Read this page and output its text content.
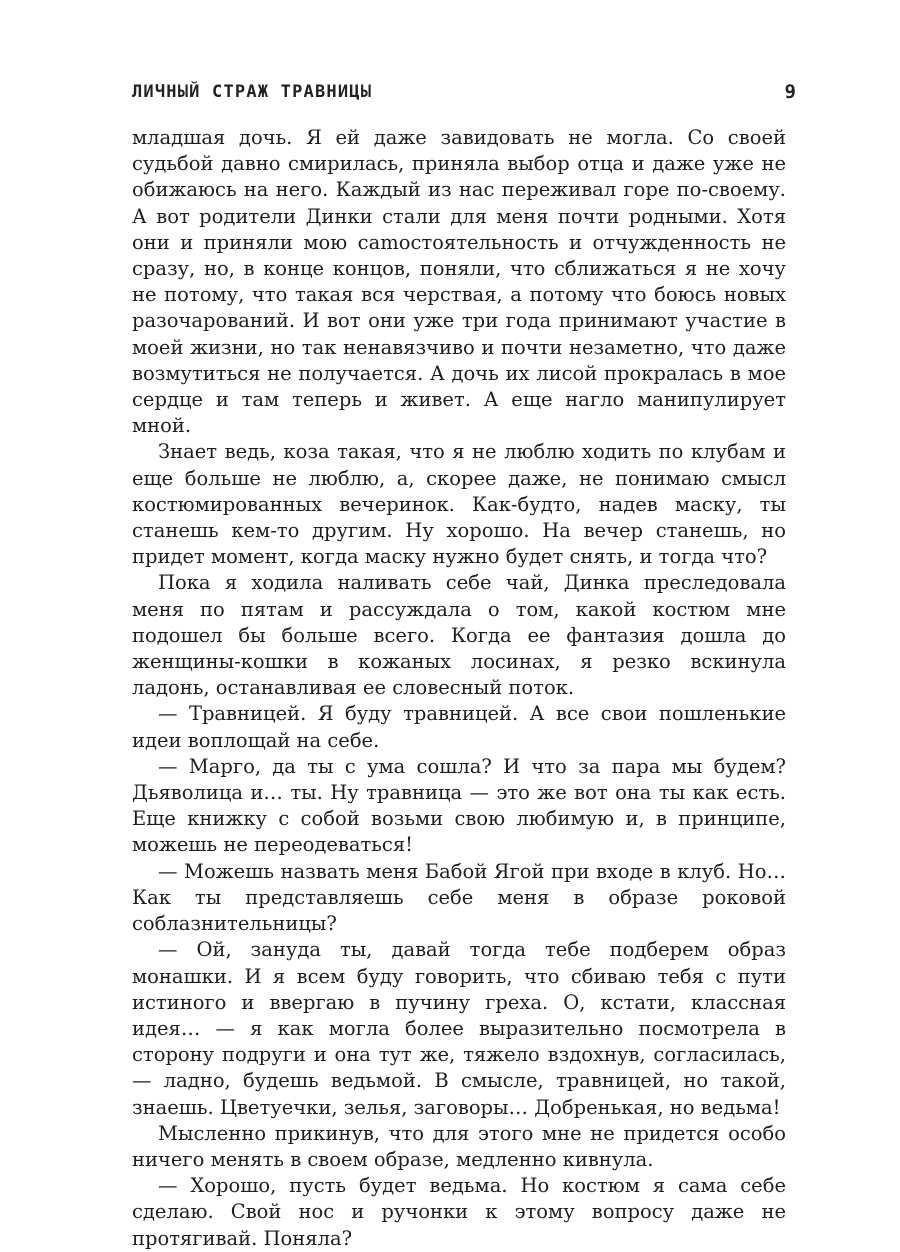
ЛИЧНЫЙ СТРАЖ ТРАВНИЦЫ	9

младшая дочь. Я ей даже завидовать не могла. Со своей судьбой давно смирилась, приняла выбор отца и даже уже не обижаюсь на него. Каждый из нас переживал горе по-своему. А вот родители Динки стали для меня почти родными. Хотя они и приняли мою саmостоятельность и отчужденность не сразу, но, в конце концов, поняли, что сближаться я не хочу не потому, что такая вся черствая, а потому что боюсь новых разочарований. И вот они уже три года принимают участие в моей жизни, но так ненавязчиво и почти незаметно, что даже возмутиться не получается. А дочь их лисой прокралась в мое сердце и там теперь и живет. А еще нагло манипулирует мной.

Знает ведь, коза такая, что я не люблю ходить по клубам и еще больше не люблю, а, скорее даже, не понимаю смысл костюмированных вечеринок. Как-будто, надев маску, ты станешь кем-то другим. Ну хорошо. На вечер станешь, но придет момент, когда маску нужно будет снять, и тогда что?

Пока я ходила наливать себе чай, Динка преследовала меня по пятам и рассуждала о том, какой костюм мне подошел бы больше всего. Когда ее фантазия дошла до женщины-кошки в кожаных лосинах, я резко вскинула ладонь, останавливая ее словесный поток.

— Травницей. Я буду травницей. А все свои пошленькие идеи воплощай на себе.

— Марго, да ты с ума сошла? И что за пара мы будем? Дьяволица и… ты. Ну травница — это же вот она ты как есть. Еще книжку с собой возьми свою любимую и, в принципе, можешь не переодеваться!

— Можешь назвать меня Бабой Ягой при входе в клуб. Но… Как ты представляешь себе меня в образе роковой соблазнительницы?

— Ой, зануда ты, давай тогда тебе подберем образ монашки. И я всем буду говорить, что сбиваю тебя с пути истиного и ввергаю в пучину греха. О, кстати, классная идея… — я как могла более выразительно посмотрела в сторону подруги и она тут же, тяжело вздохнув, согласилась, — ладно, будешь ведьмой. В смысле, травницей, но такой, знаешь. Цветуечки, зелья, заговоры… Добренькая, но ведьма!

Мысленно прикинув, что для этого мне не придется особо ничего менять в своем образе, медленно кивнула.

— Хорошо, пусть будет ведьма. Но костюм я сама себе сделаю. Свой нос и ручонки к этому вопросу даже не протягивай. Поняла?
